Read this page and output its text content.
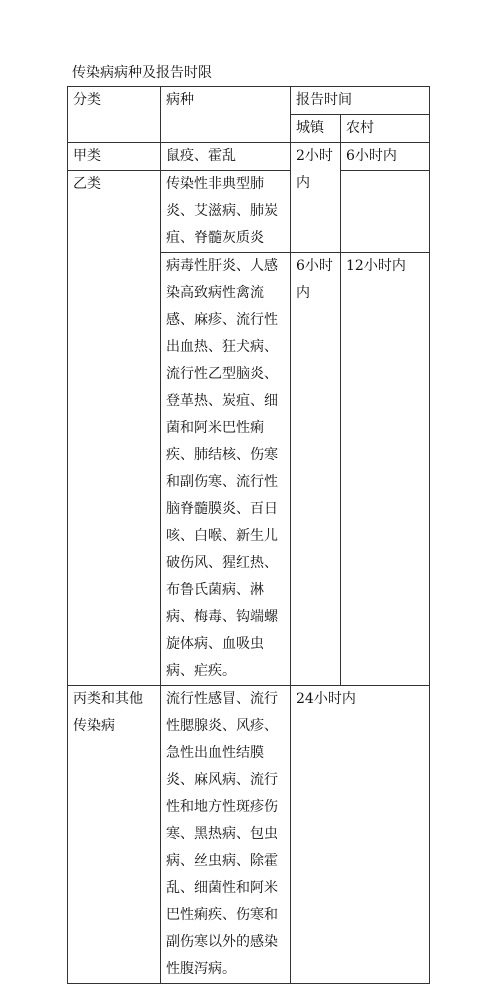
传染病病种及报告时限
分类	病种	报告时间	
		城镇	农村
甲类	鼠疫、霍乱	2小时内	6小时内
乙类	传染性非典型肺炎、艾滋病、肺炭疽、脊髓灰质炎		
	病毒性肝炎、人感染高致病性禽流感、麻疹、流行性出血热、狂犬病、流行性乙型脑炎、登革热、炭疽、细菌和阿米巴性痢疾、肺结核、伤寒和副伤寒、流行性脑脊髓膜炎、百日咳、白喉、新生儿破伤风、猩红热、布鲁氏菌病、淋病、梅毒、钩端螺旋体病、血吸虫病、疟疾。	6小时内	12小时内
丙类和其他传染病	流行性感冒、流行性腮腺炎、风疹、急性出血性结膜炎、麻风病、流行性和地方性斑疹伤寒、黑热病、包虫病、丝虫病、除霍乱、细菌性和阿米巴性痢疾、伤寒和副伤寒以外的感染性腹泻病。	24小时内	
